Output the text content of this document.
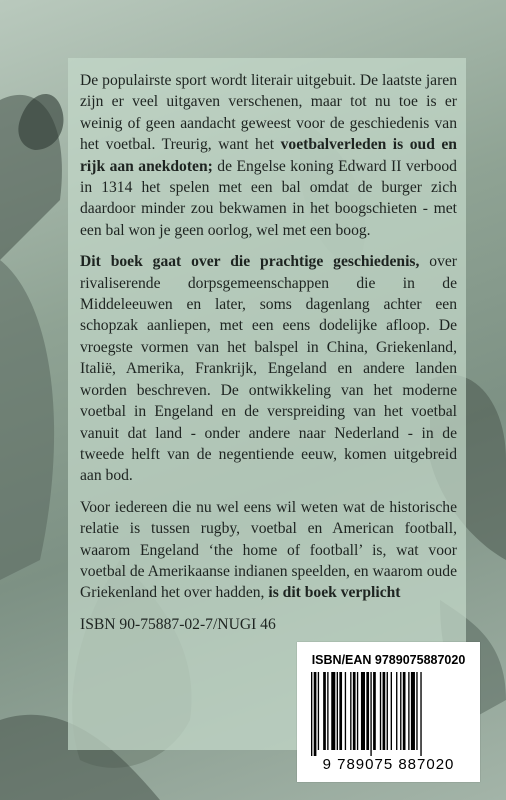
De populairste sport wordt literair uitgebuit. De laatste jaren zijn er veel uitgaven verschenen, maar tot nu toe is er weinig of geen aandacht geweest voor de geschiedenis van het voetbal. Treurig, want het voetbalverleden is oud en rijk aan anekdoten; de Engelse koning Edward II verbood in 1314 het spelen met een bal omdat de burger zich daardoor minder zou bekwamen in het boogschieten - met een bal won je geen oorlog, wel met een boog.

Dit boek gaat over die prachtige geschiedenis, over rivaliserende dorpsgemeenschappen die in de Middeleeuwen en later, soms dagenlang achter een schopzak aanliepen, met een eens dodelijke afloop. De vroegste vormen van het balspel in China, Griekenland, Italië, Amerika, Frankrijk, Engeland en andere landen worden beschreven. De ontwikkeling van het moderne voetbal in Engeland en de verspreiding van het voetbal vanuit dat land - onder andere naar Nederland - in de tweede helft van de negentiende eeuw, komen uitgebreid aan bod.

Voor iedereen die nu wel eens wil weten wat de historische relatie is tussen rugby, voetbal en American football, waarom Engeland ‘the home of football’ is, wat voor voetbal de Amerikaanse indianen speelden, en waarom oude Griekenland het over hadden, is dit boek verplicht

ISBN 90-75887-02-7/NUGI 46
ISBN/EAN 9789075887020
9 789075 887020
